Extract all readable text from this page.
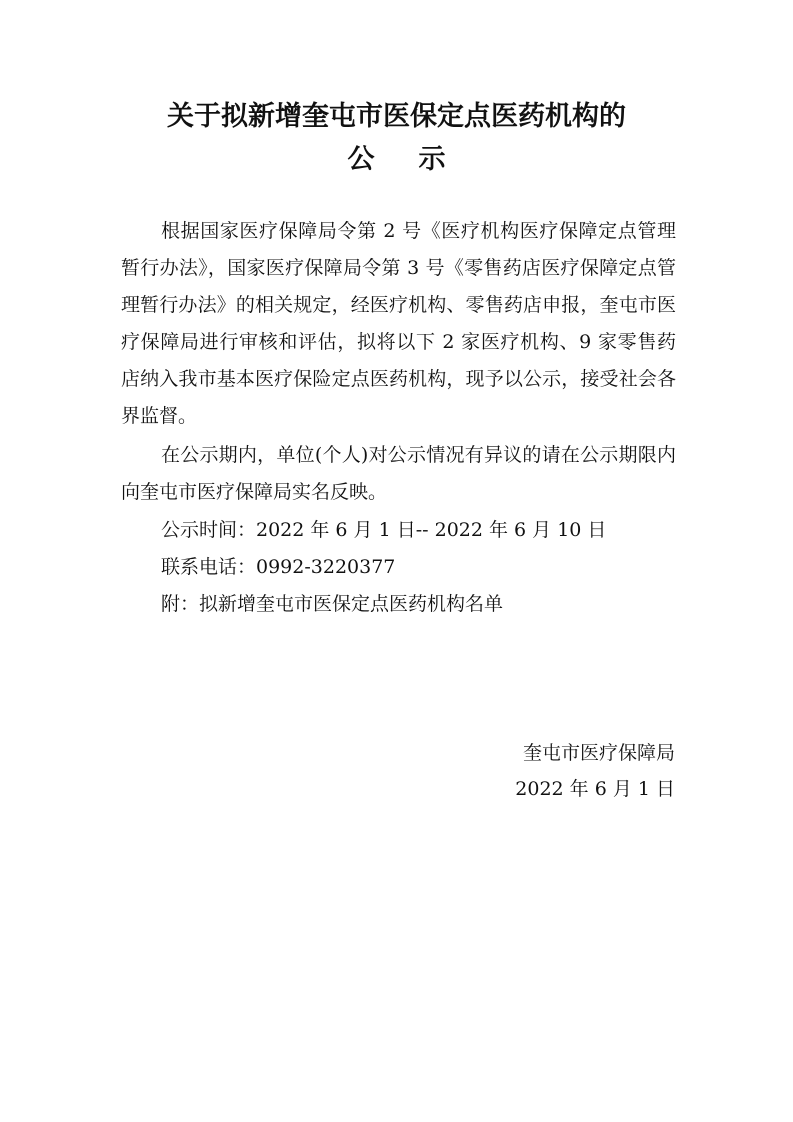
关于拟新增奎屯市医保定点医药机构的
公示

根据国家医疗保障局令第 2 号《医疗机构医疗保障定点管理暂行办法》，国家医疗保障局令第 3 号《零售药店医疗保障定点管理暂行办法》的相关规定，经医疗机构、零售药店申报，奎屯市医疗保障局进行审核和评估，拟将以下 2 家医疗机构、9 家零售药店纳入我市基本医疗保险定点医药机构，现予以公示，接受社会各界监督。

在公示期内，单位(个人)对公示情况有异议的请在公示期限内向奎屯市医疗保障局实名反映。

公示时间：2022 年 6 月 1 日-- 2022 年 6 月 10 日

联系电话：0992-3220377

附：拟新增奎屯市医保定点医药机构名单

奎屯市医疗保障局

2022 年 6 月 1 日
